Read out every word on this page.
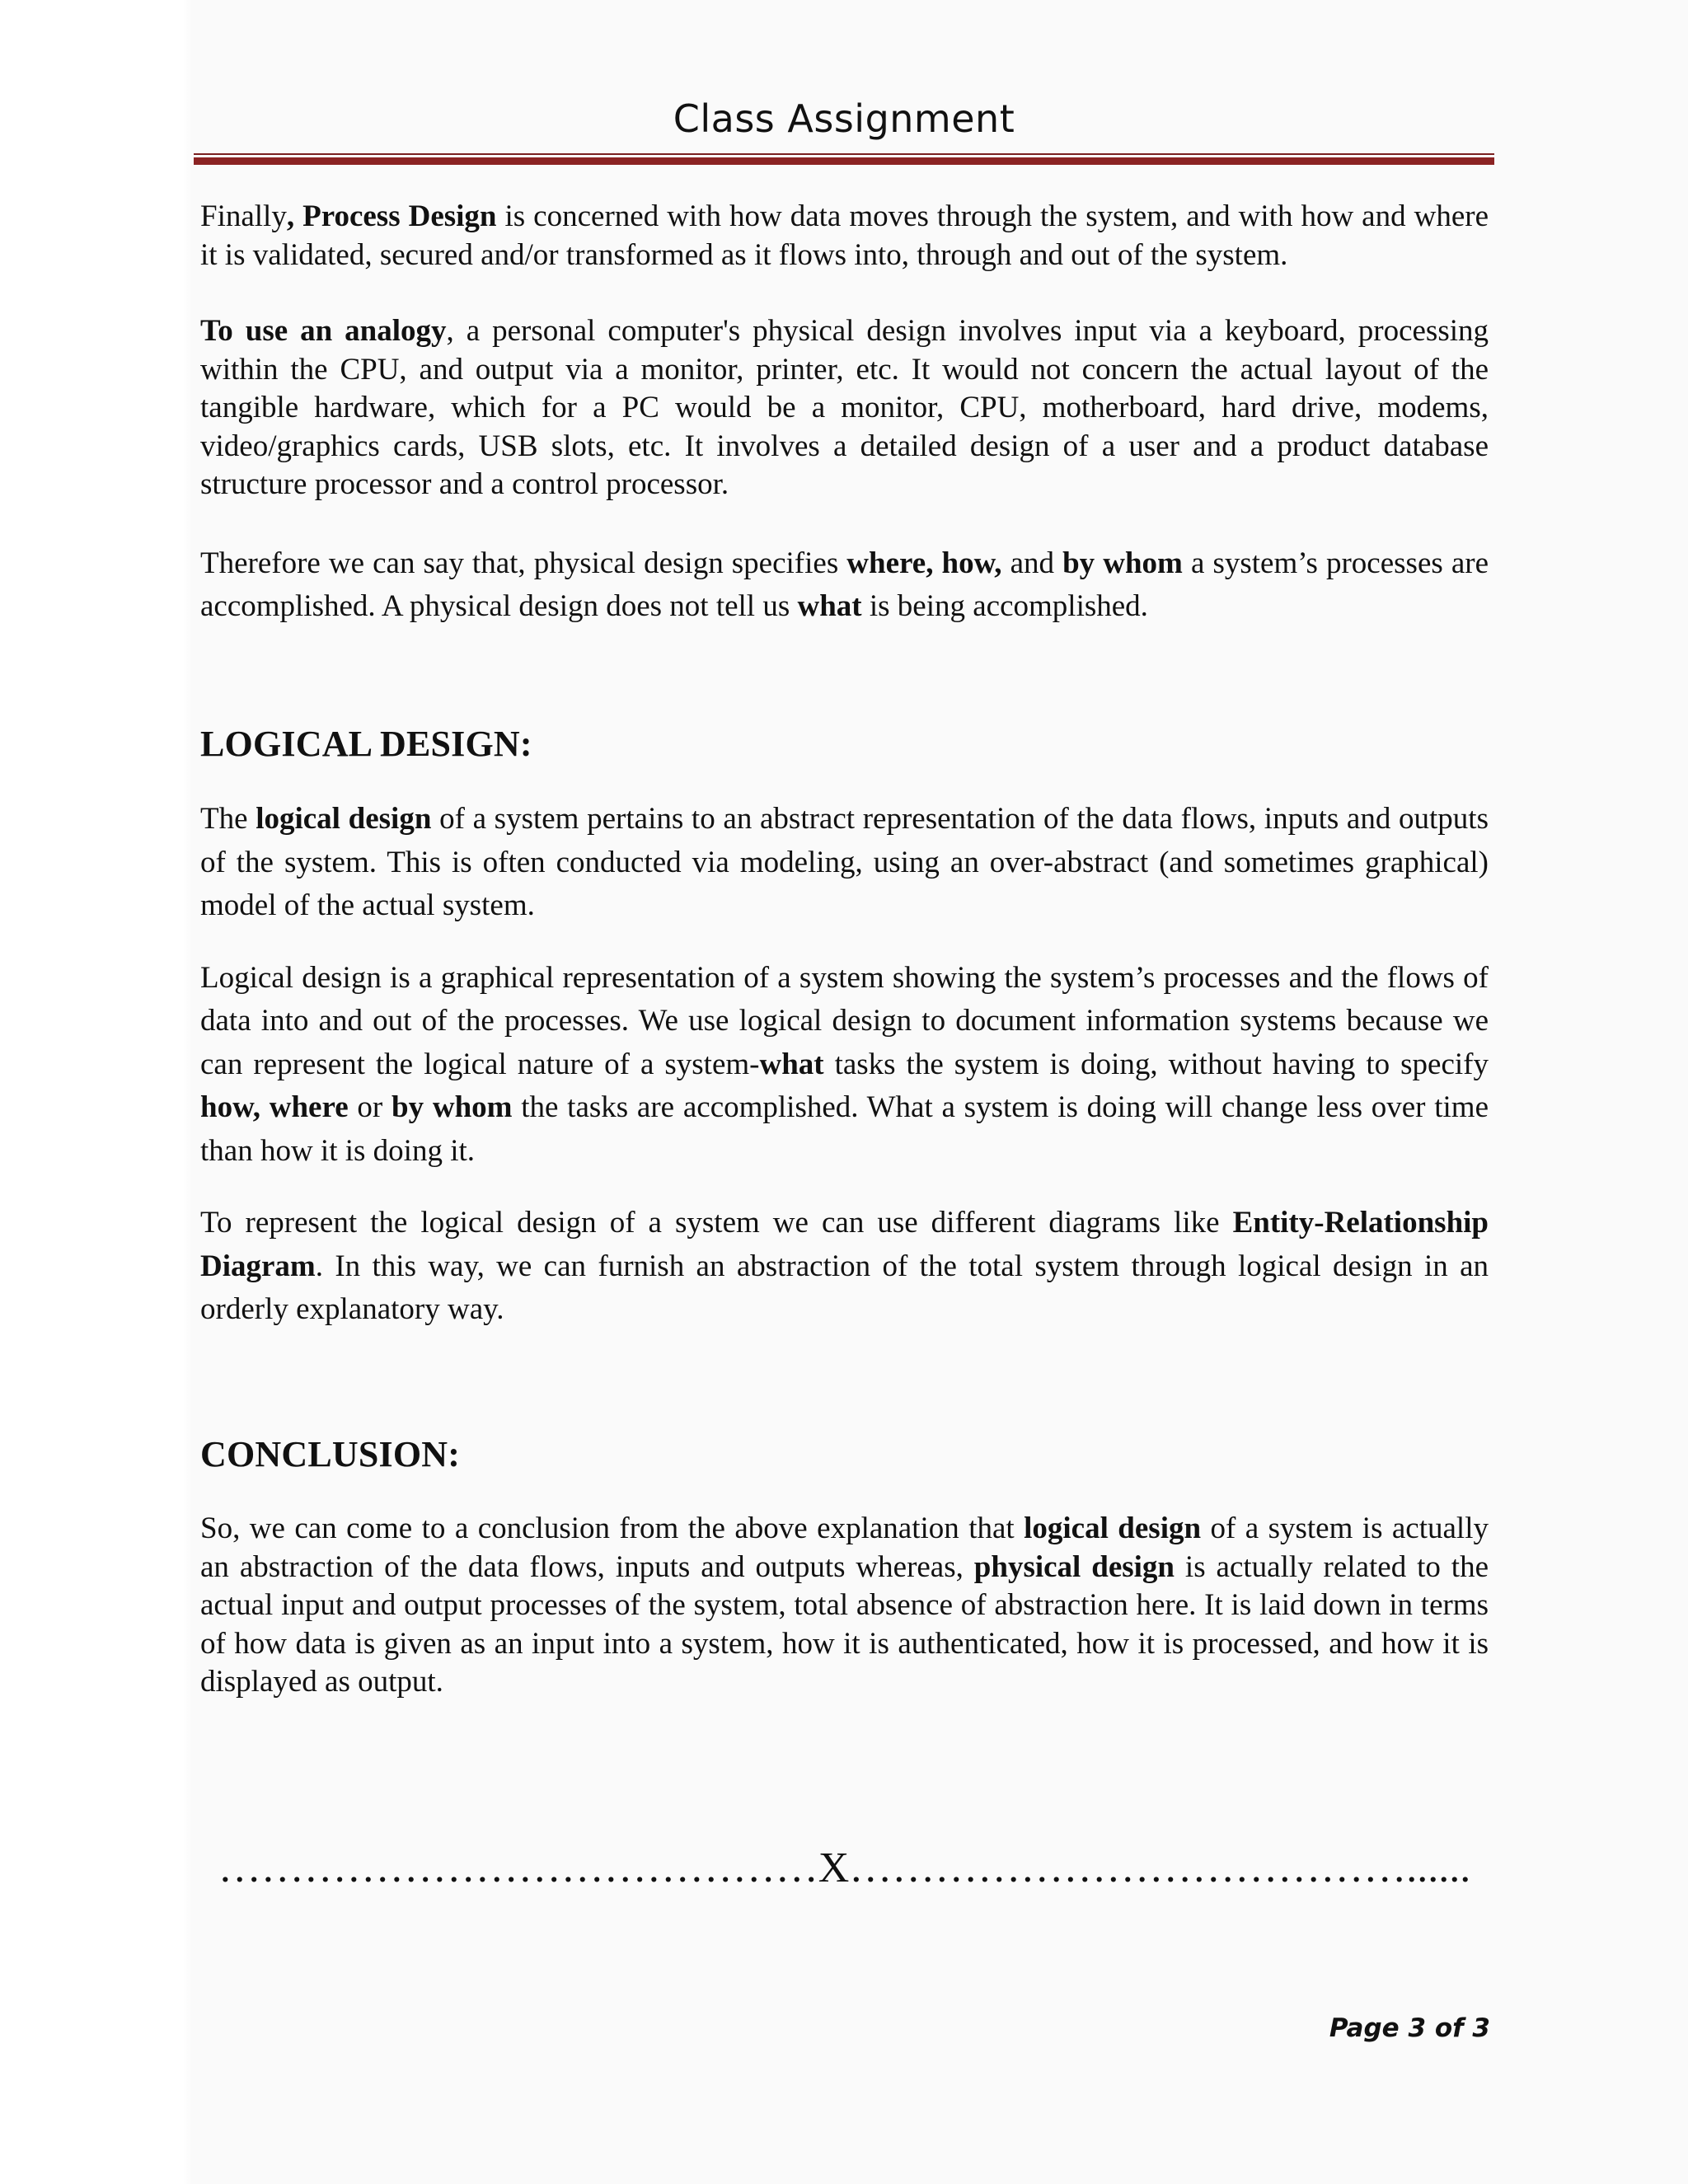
Class Assignment

Finally, Process Design is concerned with how data moves through the system, and with how and where it is validated, secured and/or transformed as it flows into, through and out of the system.

To use an analogy, a personal computer's physical design involves input via a keyboard, processing within the CPU, and output via a monitor, printer, etc. It would not concern the actual layout of the tangible hardware, which for a PC would be a monitor, CPU, motherboard, hard drive, modems, video/graphics cards, USB slots, etc. It involves a detailed design of a user and a product database structure processor and a control processor.

Therefore we can say that, physical design specifies where, how, and by whom a system’s processes are accomplished. A physical design does not tell us what is being accomplished.

LOGICAL DESIGN:

The logical design of a system pertains to an abstract representation of the data flows, inputs and outputs of the system. This is often conducted via modeling, using an over-abstract (and sometimes graphical) model of the actual system.

Logical design is a graphical representation of a system showing the system’s processes and the flows of data into and out of the processes. We use logical design to document information systems because we can represent the logical nature of a system-what tasks the system is doing, without having to specify how, where or by whom the tasks are accomplished. What a system is doing will change less over time than how it is doing it.

To represent the logical design of a system we can use different diagrams like Entity-Relationship Diagram. In this way, we can furnish an abstraction of the total system through logical design in an orderly explanatory way.

CONCLUSION:

So, we can come to a conclusion from the above explanation that logical design of a system is actually an abstraction of the data flows, inputs and outputs whereas, physical design is actually related to the actual input and output processes of the system, total absence of abstraction here. It is laid down in terms of how data is given as an input into a system, how it is authenticated, how it is processed, and how it is displayed as output.

……………………………………X…………………………………......
Page 3 of 3
